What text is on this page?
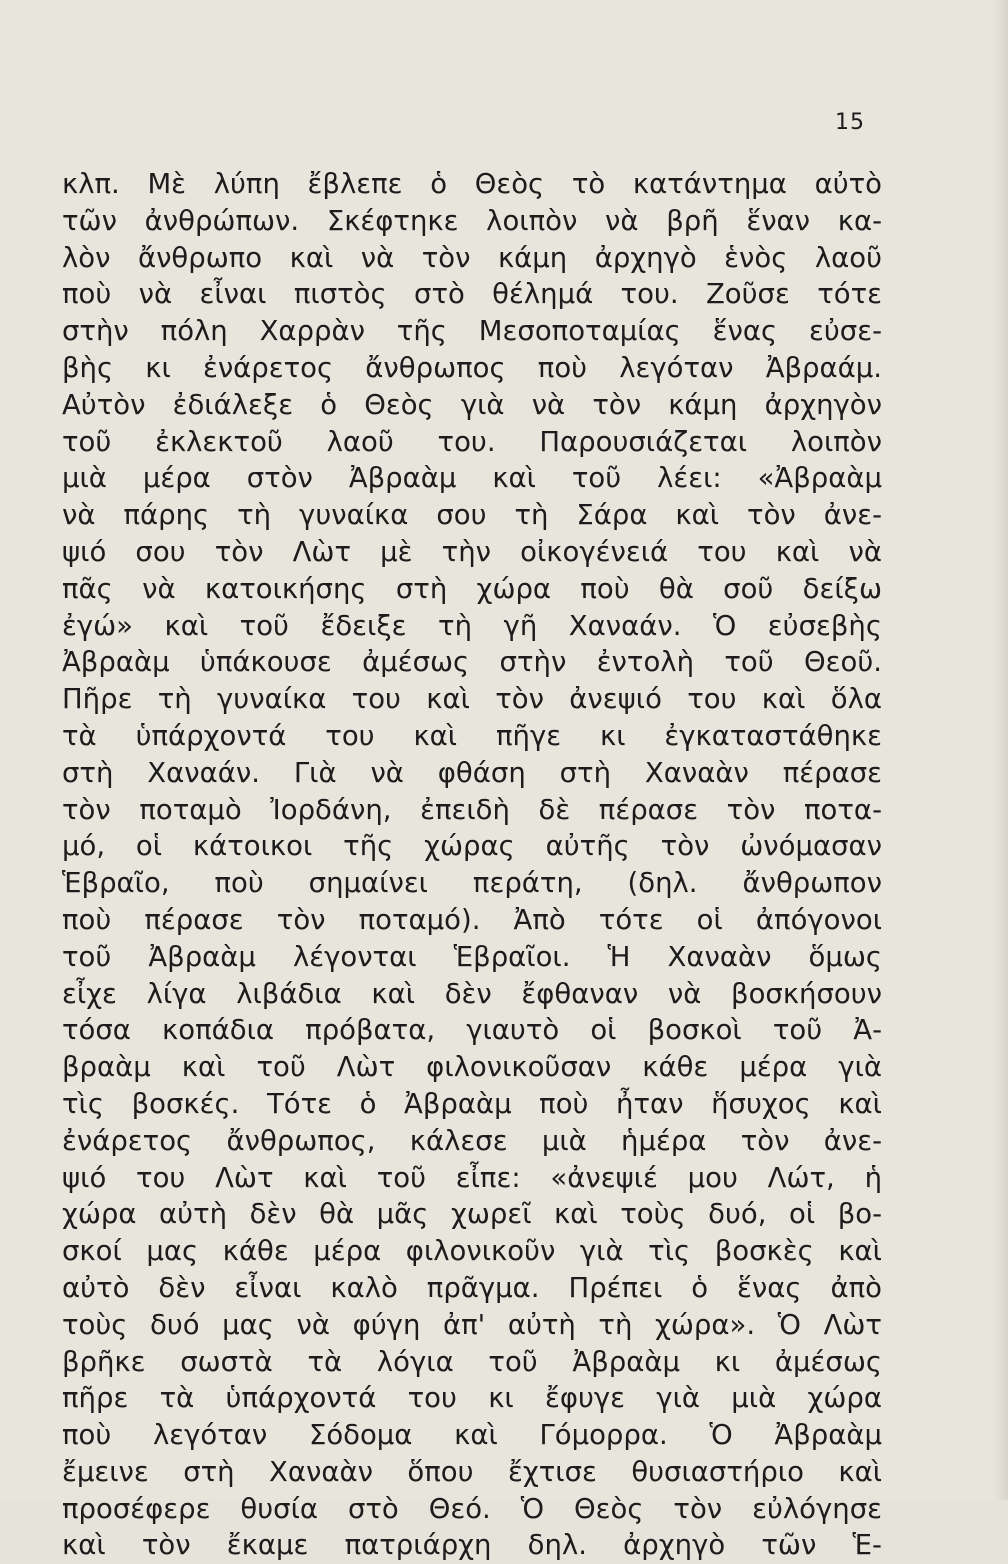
15
κλπ. Μὲ λύπη ἔβλεπε ὁ Θεὸς τὸ κατάντημα αὐτὸ
τῶν ἀνθρώπων. Σκέφτηκε λοιπὸν νὰ βρῆ ἕναν κα-
λὸν ἄνθρωπο καὶ νὰ τὸν κάμη ἀρχηγὸ ἑνὸς λαοῦ
ποὺ νὰ εἶναι πιστὸς στὸ θέλημά του. Ζοῦσε τότε
στὴν πόλη Χαρρὰν τῆς Μεσοποταμίας ἕνας εὐσε-
βὴς κι ἐνάρετος ἄνθρωπος ποὺ λεγόταν Ἀβραάμ.
Αὐτὸν ἐδιάλεξε ὁ Θεὸς γιὰ νὰ τὸν κάμη ἀρχηγὸν
τοῦ ἐκλεκτοῦ λαοῦ του. Παρουσιάζεται λοιπὸν
μιὰ μέρα στὸν Ἀβραὰμ καὶ τοῦ λέει: «Ἀβραὰμ
νὰ πάρης τὴ γυναίκα σου τὴ Σάρα καὶ τὸν ἀνε-
ψιό σου τὸν Λὼτ μὲ τὴν οἰκογένειά του καὶ νὰ
πᾶς νὰ κατοικήσης στὴ χώρα ποὺ θὰ σοῦ δείξω
ἐγώ» καὶ τοῦ ἔδειξε τὴ γῆ Χαναάν. Ὁ εὐσεβὴς
Ἀβραὰμ ὑπάκουσε ἀμέσως στὴν ἐντολὴ τοῦ Θεοῦ.
Πῆρε τὴ γυναίκα του καὶ τὸν ἀνεψιό του καὶ ὅλα
τὰ ὑπάρχοντά του καὶ πῆγε κι ἐγκαταστάθηκε
στὴ Χαναάν. Γιὰ νὰ φθάση στὴ Χαναὰν πέρασε
τὸν ποταμὸ Ἰορδάνη, ἐπειδὴ δὲ πέρασε τὸν ποτα-
μό, οἱ κάτοικοι τῆς χώρας αὐτῆς τὸν ὠνόμασαν
Ἑβραῖο, ποὺ σημαίνει περάτη, (δηλ. ἄνθρωπον
ποὺ πέρασε τὸν ποταμό). Ἀπὸ τότε οἱ ἀπόγονοι
τοῦ Ἀβραὰμ λέγονται Ἑβραῖοι. Ἡ Χαναὰν ὅμως
εἶχε λίγα λιβάδια καὶ δὲν ἔφθαναν νὰ βοσκήσουν
τόσα κοπάδια πρόβατα, γιαυτὸ οἱ βοσκοὶ τοῦ Ἀ-
βραὰμ καὶ τοῦ Λὼτ φιλονικοῦσαν κάθε μέρα γιὰ
τὶς βοσκές. Τότε ὁ Ἀβραὰμ ποὺ ἦταν ἥσυχος καὶ
ἐνάρετος ἄνθρωπος, κάλεσε μιὰ ἡμέρα τὸν ἀνε-
ψιό του Λὼτ καὶ τοῦ εἶπε: «ἀνεψιέ μου Λώτ, ἡ
χώρα αὐτὴ δὲν θὰ μᾶς χωρεῖ καὶ τοὺς δυό, οἱ βο-
σκοί μας κάθε μέρα φιλονικοῦν γιὰ τὶς βοσκὲς καὶ
αὐτὸ δὲν εἶναι καλὸ πρᾶγμα. Πρέπει ὁ ἕνας ἀπὸ
τοὺς δυό μας νὰ φύγη ἀπ' αὐτὴ τὴ χώρα». Ὁ Λὼτ
βρῆκε σωστὰ τὰ λόγια τοῦ Ἀβραὰμ κι ἀμέσως
πῆρε τὰ ὑπάρχοντά του κι ἔφυγε γιὰ μιὰ χώρα
ποὺ λεγόταν Σόδομα καὶ Γόμορρα. Ὁ Ἀβραὰμ
ἔμεινε στὴ Χαναὰν ὅπου ἔχτισε θυσιαστήριο καὶ
προσέφερε θυσία στὸ Θεό. Ὁ Θεὸς τὸν εὐλόγησε
καὶ τὸν ἔκαμε πατριάρχη δηλ. ἀρχηγὸ τῶν Ἑ-
